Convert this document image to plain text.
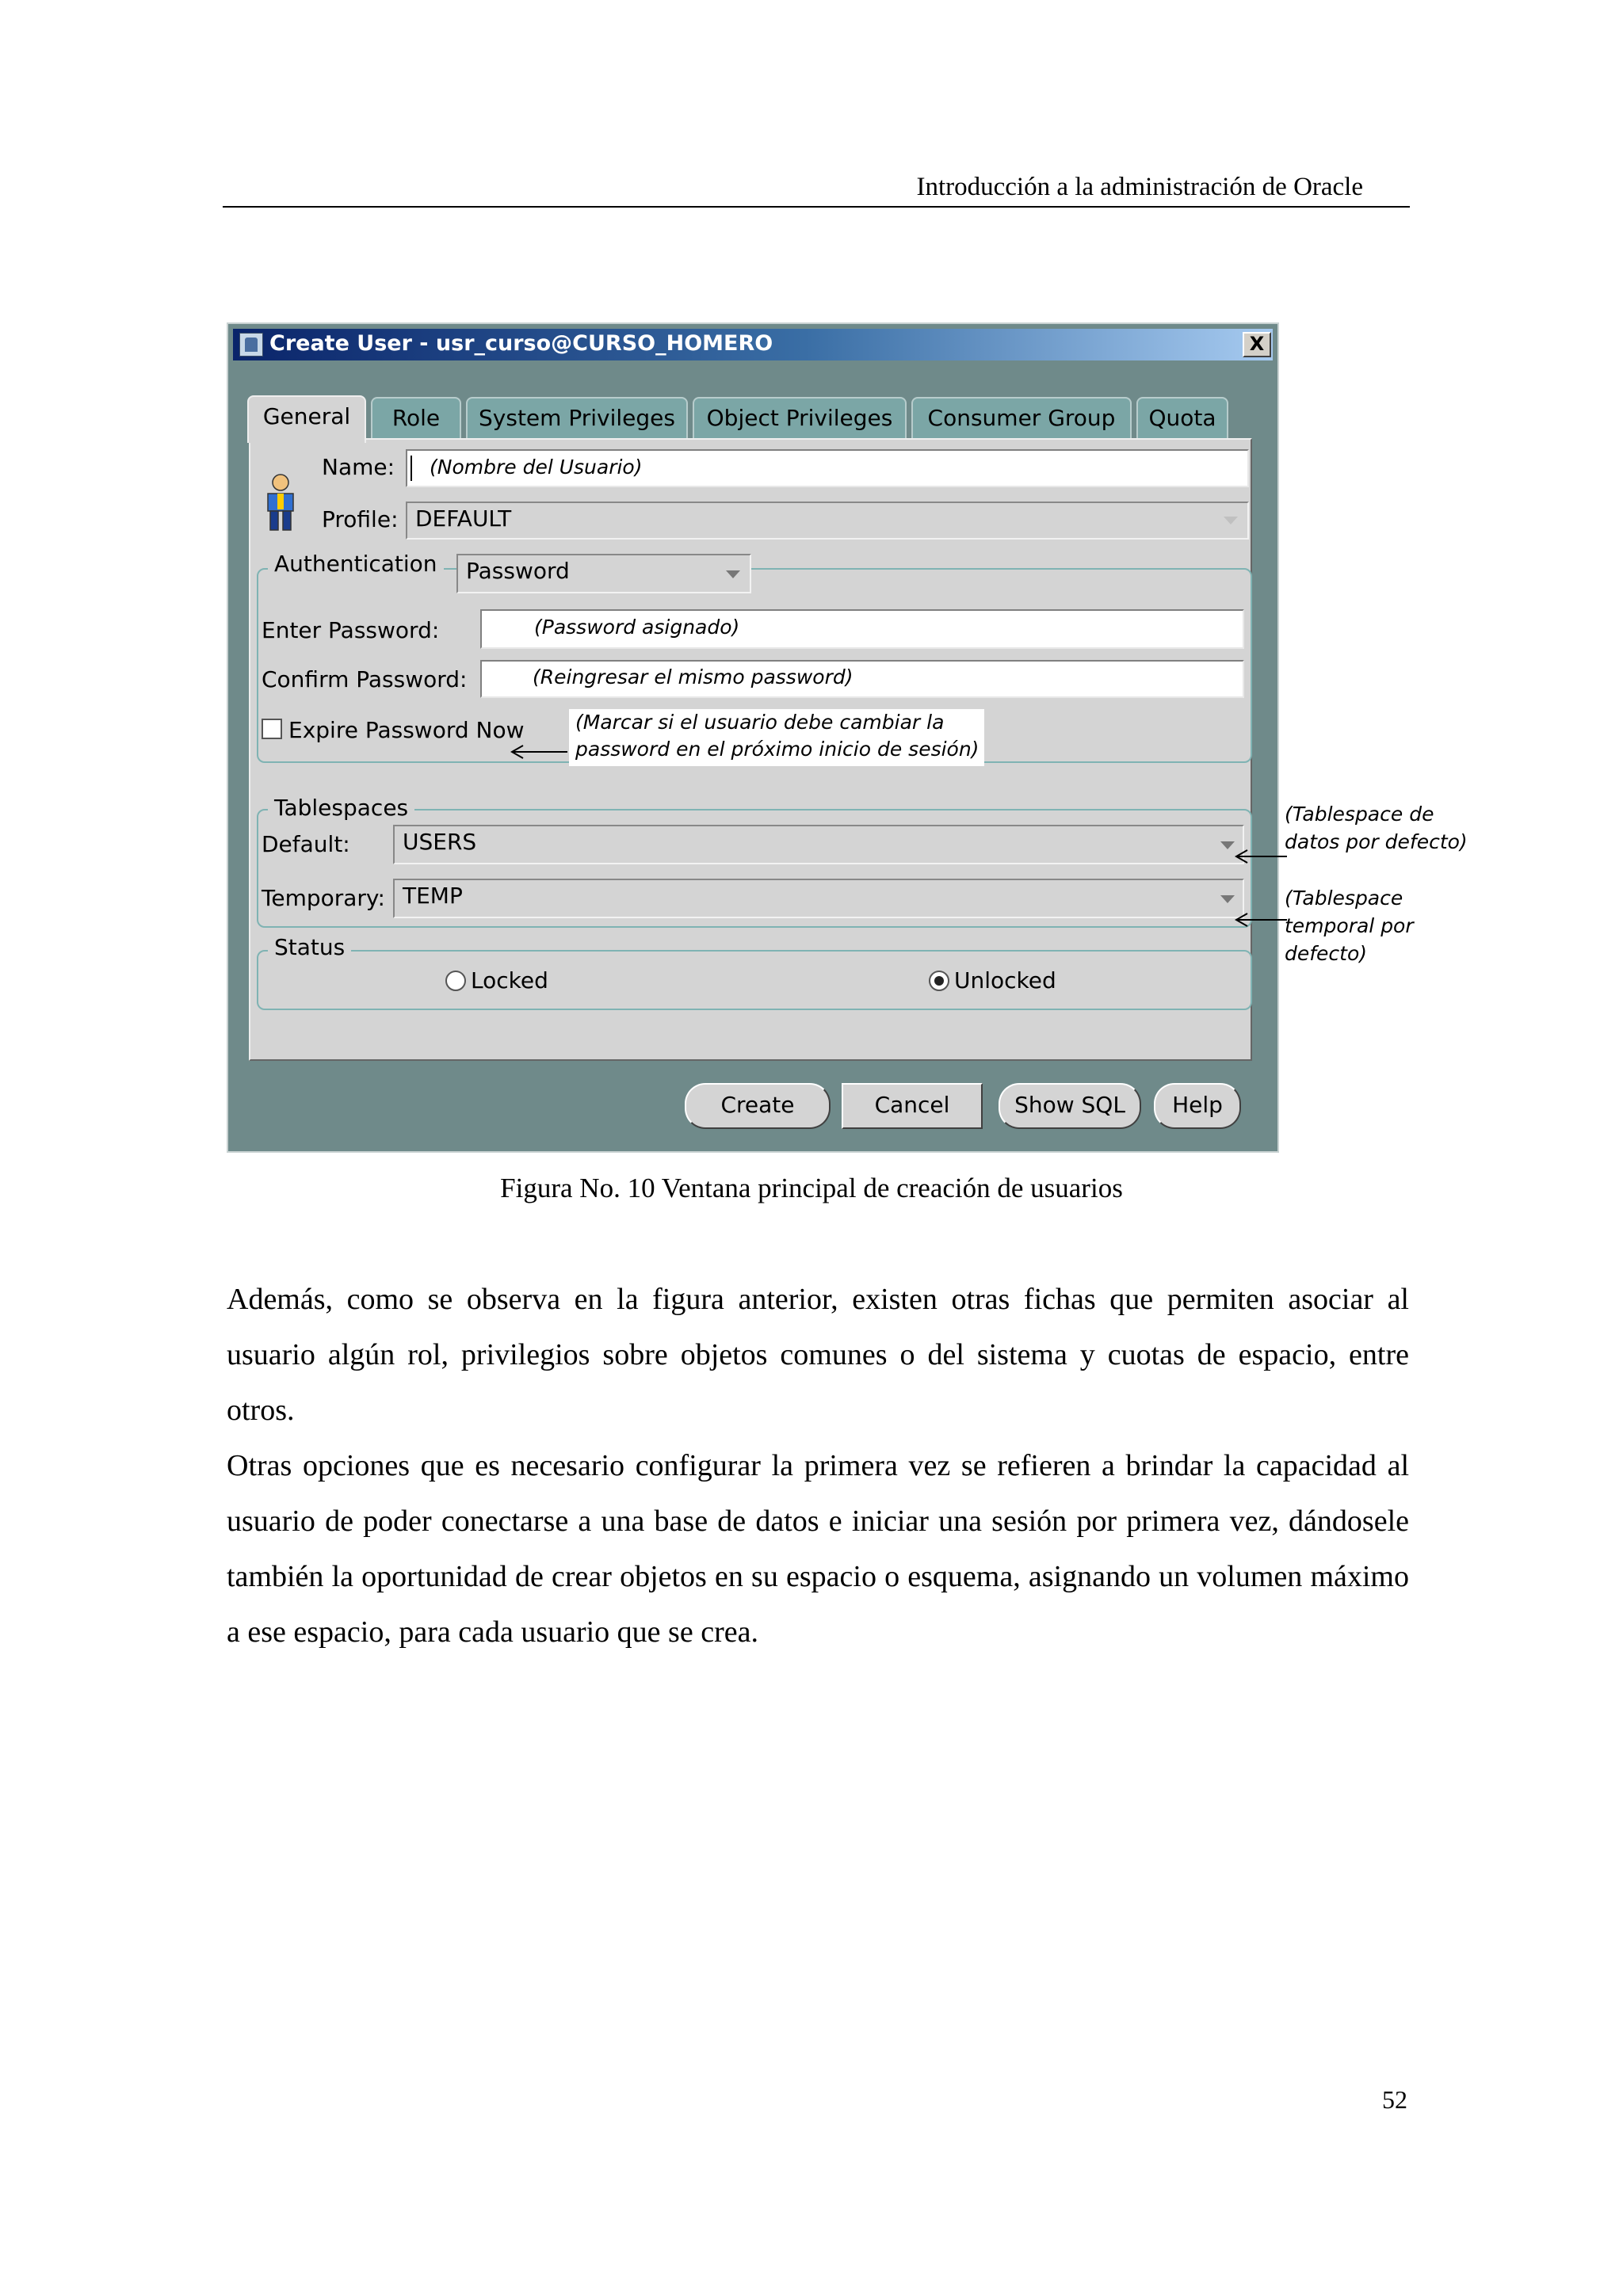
Introducción a la administración de Oracle
Create User - usr_curso@CURSO_HOMERO	X
General	Role	System Privileges	Object Privileges	Consumer Group	Quota
Name: (Nombre del Usuario)
Profile: DEFAULT
Authentication	Password
Enter Password:	(Password asignado)
Confirm Password:	(Reingresar el mismo password)
Expire Password Now	(Marcar si el usuario debe cambiar la
password en el próximo inicio de sesión)
Tablespaces
Default:	USERS
Temporary: TEMP
Status
Locked	Unlocked
Create	Cancel	Show SQL	Help
(Tablespace de
datos por defecto)
(Tablespace
temporal por
defecto)
Figura No. 10 Ventana principal de creación de usuarios

Además, como se observa en la figura anterior, existen otras fichas que permiten asociar al usuario algún rol, privilegios sobre objetos comunes o del sistema y cuotas de espacio, entre otros.

Otras opciones que es necesario configurar la primera vez se refieren a brindar la capacidad al usuario de poder conectarse a una base de datos e iniciar una sesión por primera vez, dándosele también la oportunidad de crear objetos en su espacio o esquema, asignando un volumen máximo a ese espacio, para cada usuario que se crea.

52
